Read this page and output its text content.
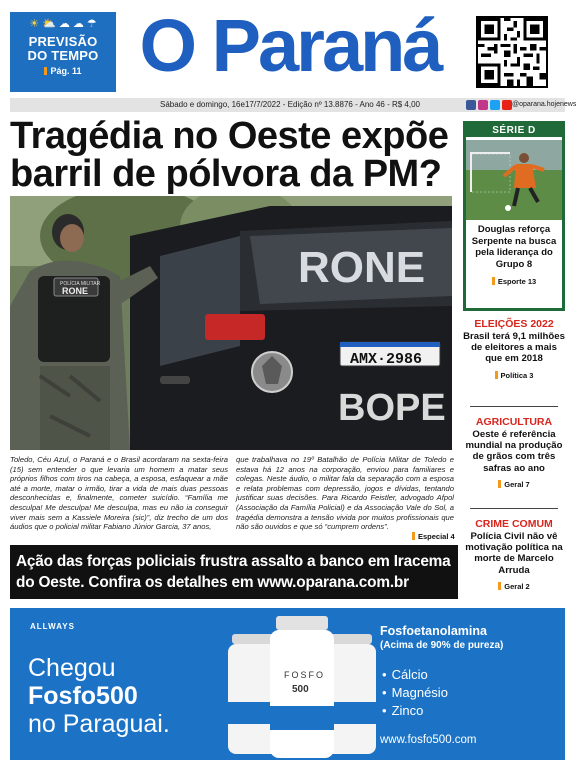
☀ ⛅ ☁ ☁ ☂
PREVISÃO
DO TEMPO
Pág. 11 O Paraná
Sábado e domingo, 16e17/7/2022 - Edição nº 13.8876 - Ano 46 - R$ 4,00	@oparana.hojenews
Tragédia no Oeste expõe
barril de pólvora da PM?
RONE
AMX·2986
BOPE
POLÍCIA MILITAR
RONE

Toledo, Céu Azul, o Paraná e o Brasil acordaram na sexta-feira (15) sem entender o que levaria um homem a matar seus próprios filhos com tiros na cabeça, a esposa, esfaquear a mãe até a morte, matar o irmão, tirar a vida de mais duas pessoas desconhecidas e, finalmente, cometer suicídio. “Família me desculpa! Me desculpa! Me desculpa, mas eu não ia conseguir viver mais sem a Kassiele Moreira (sic)”, diz trecho de um dos áudios que o policial militar Fabiano Júnior Garcia, 37 anos,

que trabalhava no 19º Batalhão de Polícia Militar de Toledo e estava há 12 anos na corporação, enviou para familiares e colegas. Neste áudio, o militar fala da separação com a esposa e relata problemas com depressão, jogos e dívidas, tentando justificar suas decisões. Para Ricardo Feistler, advogado Afpol (Associação da Família Policial) e da Associação Vale do Sol, a tragédia demonstra a tensão vivida por muitos profissionais que não são ouvidos e que só “cumprem ordens”.

Ação das forças policiais frustra assalto a banco em Iracema
do Oeste. Confira os detalhes em www.oparana.com.br
Especial 4
SÉRIE D
Douglas reforça Serpente na busca pela liderança do Grupo 8
Esporte 13
ELEIÇÕES 2022
Brasil terá 9,1 milhões de eleitores a mais que em 2018
Política 3
AGRICULTURA
Oeste é referência mundial na produção de grãos com três safras ao ano
Geral 7
CRIME COMUM
Polícia Civil não vê motivação política na morte de Marcelo Arruda
Geral 2
ALLWAYS
Chegou
Fosfo500
no Paraguai.
FOSFO
500
Fosfoetanolamina
(Acima de 90% de pureza)
• Cálcio
• Magnésio
• Zinco
www.fosfo500.com
